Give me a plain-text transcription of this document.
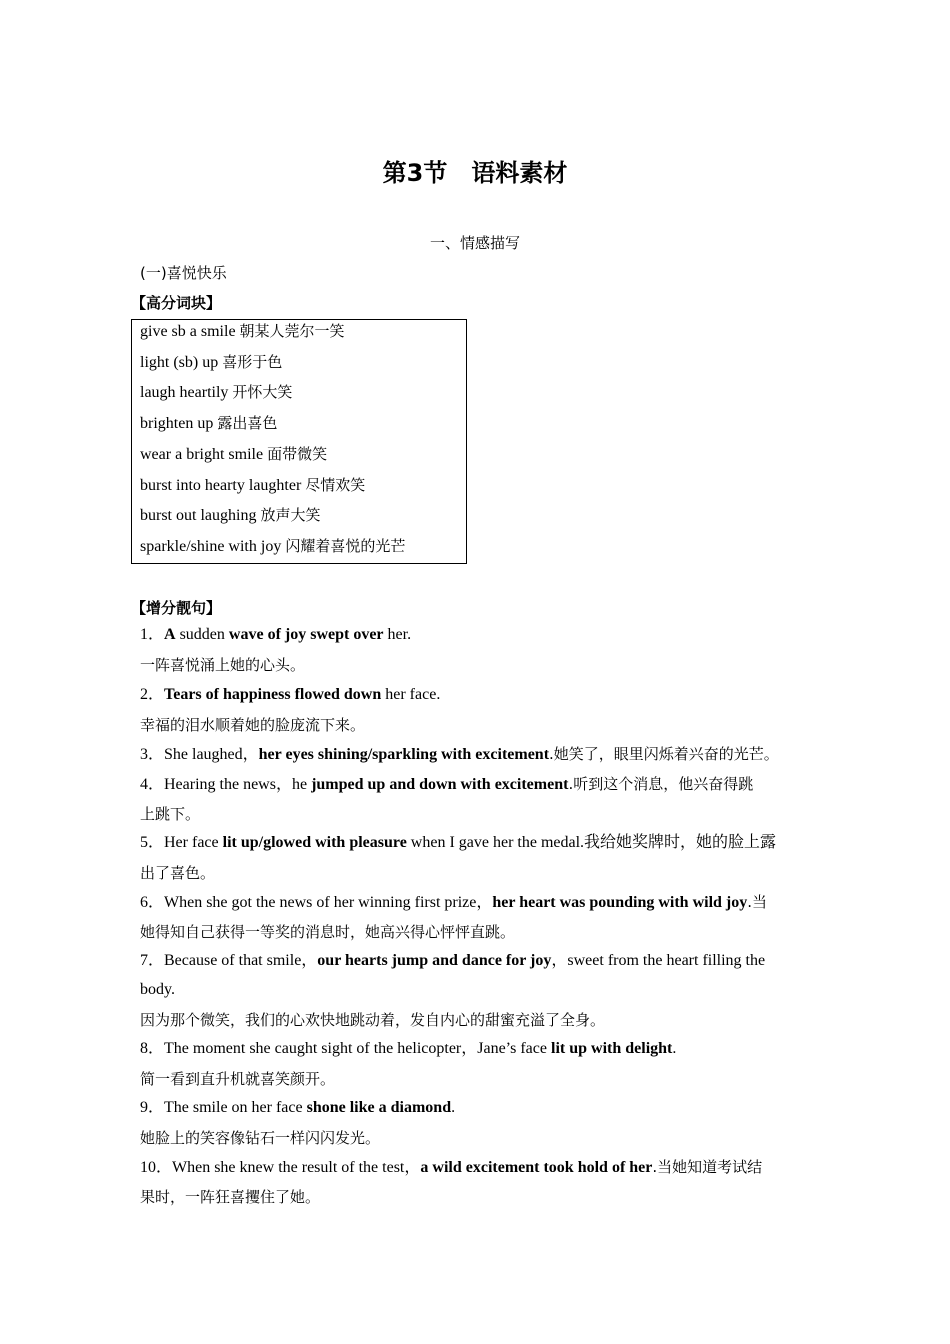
第3节　语料素材
一、情感描写
(一)喜悦快乐
【高分词块】
give sb a smile 朝某人莞尔一笑
light (sb) up 喜形于色
laugh heartily 开怀大笑
brighten up 露出喜色
wear a bright smile 面带微笑
burst into hearty laughter 尽情欢笑
burst out laughing 放声大笑
sparkle/shine with joy 闪耀着喜悦的光芒
【增分靓句】
1．A sudden wave of joy swept over her.
一阵喜悦涌上她的心头。
2．Tears of happiness flowed down her face.
幸福的泪水顺着她的脸庞流下来。
3．She laughed，her eyes shining/sparkling with excitement.她笑了，眼里闪烁着兴奋的光芒。
4．Hearing the news，he jumped up and down with excitement.听到这个消息，他兴奋得跳
上跳下。
5．Her face lit up/glowed with pleasure when I gave her the medal.我给她奖牌时，她的脸上露
出了喜色。
6．When she got the news of her winning first prize，her heart was pounding with wild joy.当
她得知自己获得一等奖的消息时，她高兴得心怦怦直跳。
7．Because of that smile，our hearts jump and dance for joy，sweet from the heart filling the
body.
因为那个微笑，我们的心欢快地跳动着，发自内心的甜蜜充溢了全身。
8．The moment she caught sight of the helicopter，Jane’s face lit up with delight.
简一看到直升机就喜笑颜开。
9．The smile on her face shone like a diamond.
她脸上的笑容像钻石一样闪闪发光。
10．When she knew the result of the test，a wild excitement took hold of her.当她知道考试结
果时，一阵狂喜攫住了她。
